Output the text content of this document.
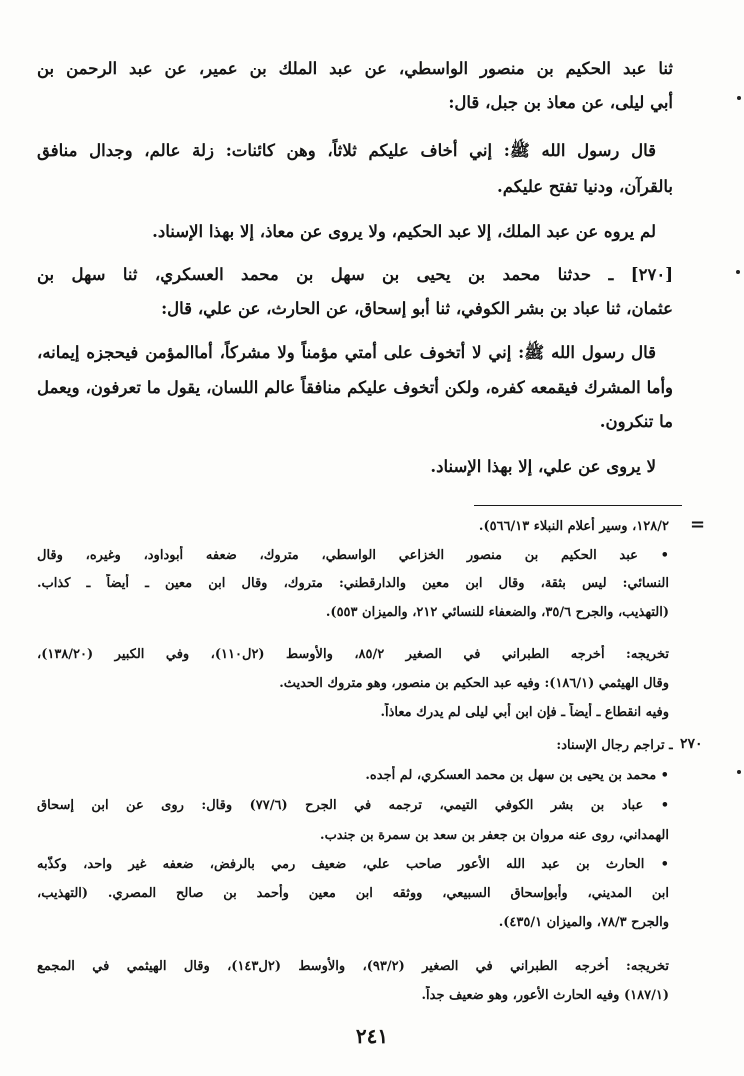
ثنا عبد الحكيم بن منصور الواسطي، عن عبد الملك بن عمير، عن عبد الرحمن بن
أبي ليلى، عن معاذ بن جبل، قال:
قال رسول الله ﷺ: إني أخاف عليكم ثلاثاً، وهن كائنات: زلة عالم، وجدال منافق
بالقرآن، ودنيا تفتح عليكم.
لم يروه عن عبد الملك، إلا عبد الحكيم، ولا يروى عن معاذ، إلا بهذا الإسناد.
[٢٧٠] ـ حدثنا محمد بن يحيى بن سهل بن محمد العسكري، ثنا سهل بن
عثمان، ثنا عباد بن بشر الكوفي، ثنا أبو إسحاق، عن الحارث، عن علي، قال:
قال رسول الله ﷺ: إني لا أتخوف على أمتي مؤمناً ولا مشركاً، أماالمؤمن فيحجزه إيمانه،
وأما المشرك فيقمعه كفره، ولكن أتخوف عليكم منافقاً عالم اللسان، يقول ما تعرفون، ويعمل
ما تنكرون.
لا يروى عن علي، إلا بهذا الإسناد.
=
٢٧٠
١٢٨/٢، وسير أعلام النبلاء ٥٦٦/١٣).
• عبد الحكيم بن منصور الخزاعي الواسطي، متروك، ضعفه أبوداود، وغيره، وقال
النسائي: ليس بثقة، وقال ابن معين والدارقطني: متروك، وقال ابن معين ـ أيضاً ـ كذاب.
(التهذيب، والجرح ٣٥/٦، والضعفاء للنسائي ٢١٢، والميزان ٥٥٣).
تخريجه: أخرجه الطبراني في الصغير ٨٥/٢، والأوسط (٢ل١١٠)، وفي الكبير (١٣٨/٢٠)،
وقال الهيثمي (١٨٦/١): وفيه عبد الحكيم بن منصور، وهو متروك الحديث.
وفيه انقطاع ـ أيضاً ـ فإن ابن أبي ليلى لم يدرك معاذاً.
ـ تراجم رجال الإسناد:
• محمد بن يحيى بن سهل بن محمد العسكري، لم أجده.
• عباد بن بشر الكوفي التيمي، ترجمه في الجرح (٧٧/٦) وقال: روى عن ابن إسحاق
الهمداني، روى عنه مروان بن جعفر بن سعد بن سمرة بن جندب.
• الحارث بن عبد الله الأعور صاحب علي، ضعيف رمي بالرفض، ضعفه غير واحد، وكذّبه
ابن المديني، وأبوإسحاق السبيعي، ووثقه ابن معين وأحمد بن صالح المصري. (التهذيب،
والجرح ٧٨/٣، والميزان ٤٣٥/١).
تخريجه: أخرجه الطبراني في الصغير (٩٣/٢)، والأوسط (٢ل١٤٣)، وقال الهيثمي في المجمع
(١٨٧/١) وفيه الحارث الأعور، وهو ضعيف جداً.
٢٤١
